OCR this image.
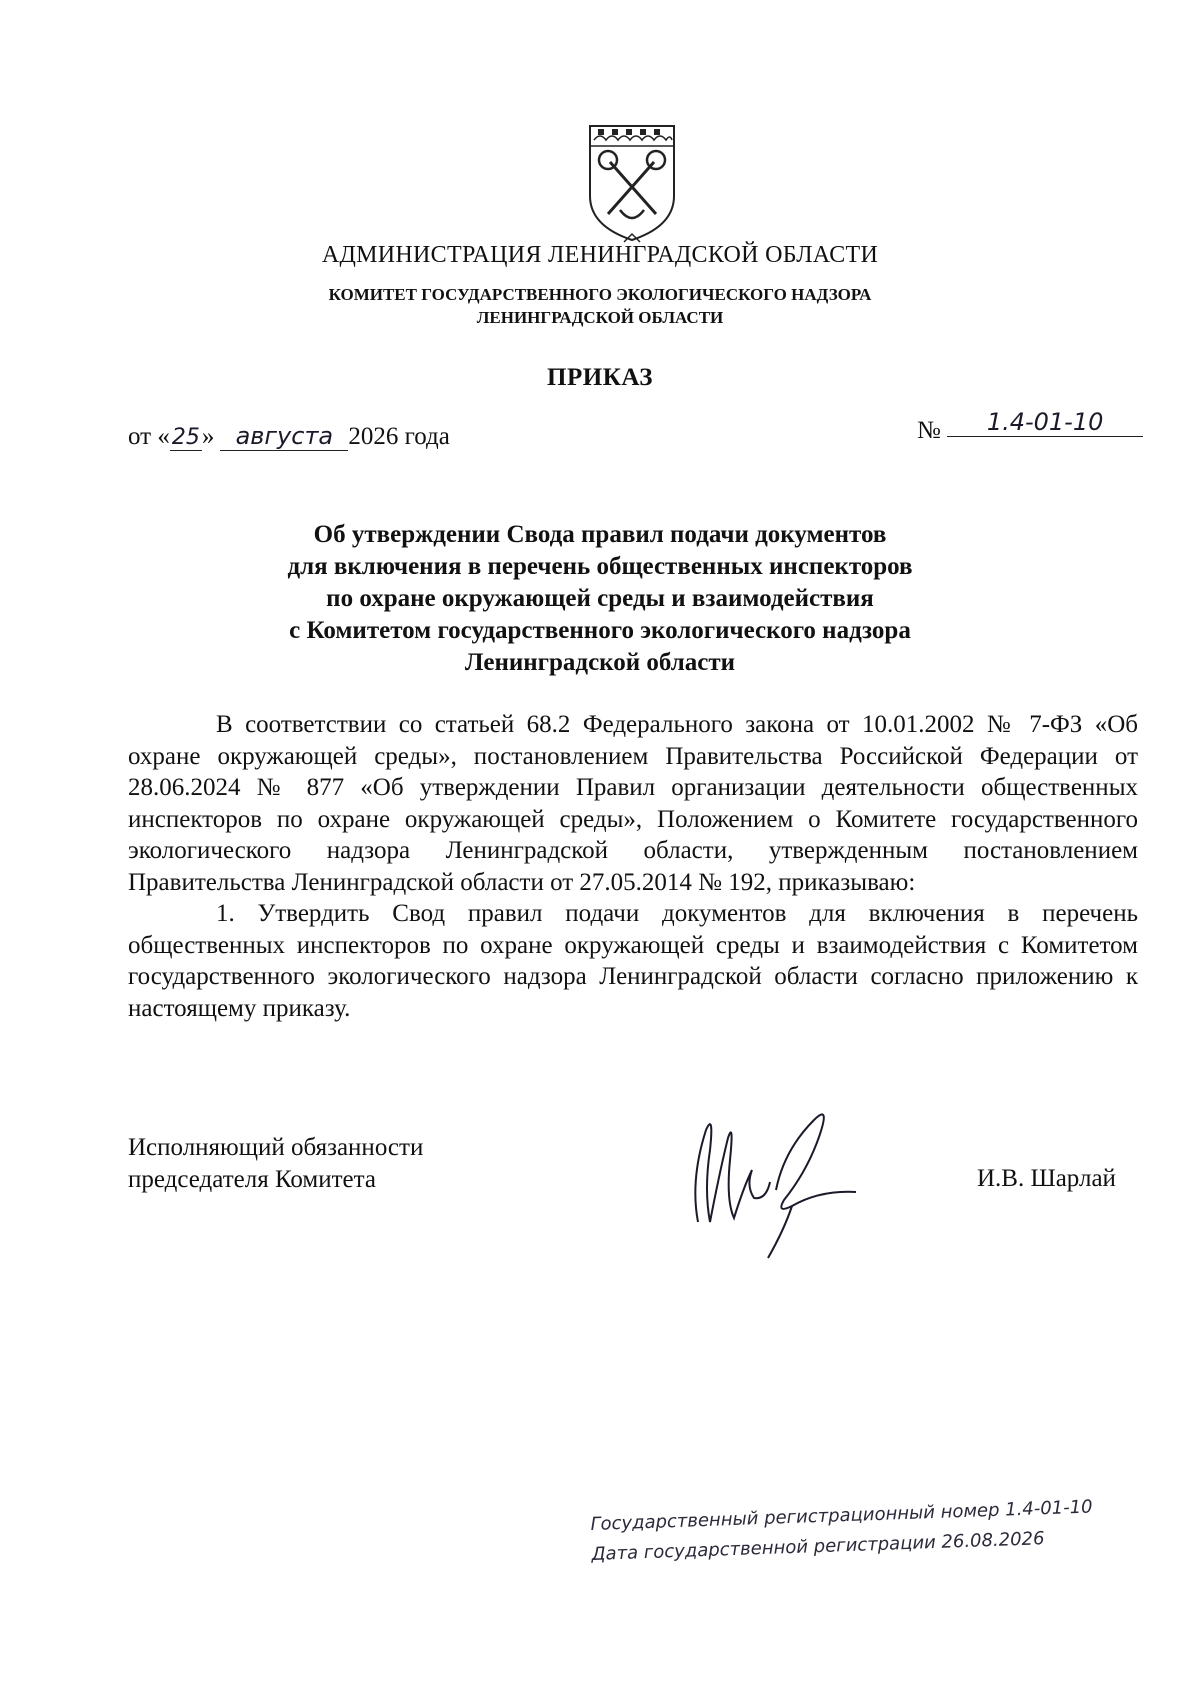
АДМИНИСТРАЦИЯ ЛЕНИНГРАДСКОЙ ОБЛАСТИ
КОМИТЕТ ГОСУДАРСТВЕННОГО ЭКОЛОГИЧЕСКОГО НАДЗОРА
ЛЕНИНГРАДСКОЙ ОБЛАСТИ
ПРИКАЗ
от «25» августа 2026 года	№ 1.4-01-10
Об утверждении Свода правил подачи документов
для включения в перечень общественных инспекторов
по охране окружающей среды и взаимодействия
с Комитетом государственного экологического надзора
Ленинградской области

В соответствии со статьей 68.2 Федерального закона от 10.01.2002 № 7-ФЗ «Об охране окружающей среды», постановлением Правительства Российской Федерации от 28.06.2024 № 877 «Об утверждении Правил организации деятельности общественных инспекторов по охране окружающей среды», Положением о Комитете государственного экологического надзора Ленинградской области, утвержденным постановлением Правительства Ленинградской области от 27.05.2014 № 192, приказываю:

1. Утвердить Свод правил подачи документов для включения в перечень общественных инспекторов по охране окружающей среды и взаимодействия с Комитетом государственного экологического надзора Ленинградской области согласно приложению к настоящему приказу.

Исполняющий обязанности
председателя Комитета	И.В. Шарлай
Государственный регистрационный номер 1.4-01-10
Дата государственной регистрации 26.08.2026
